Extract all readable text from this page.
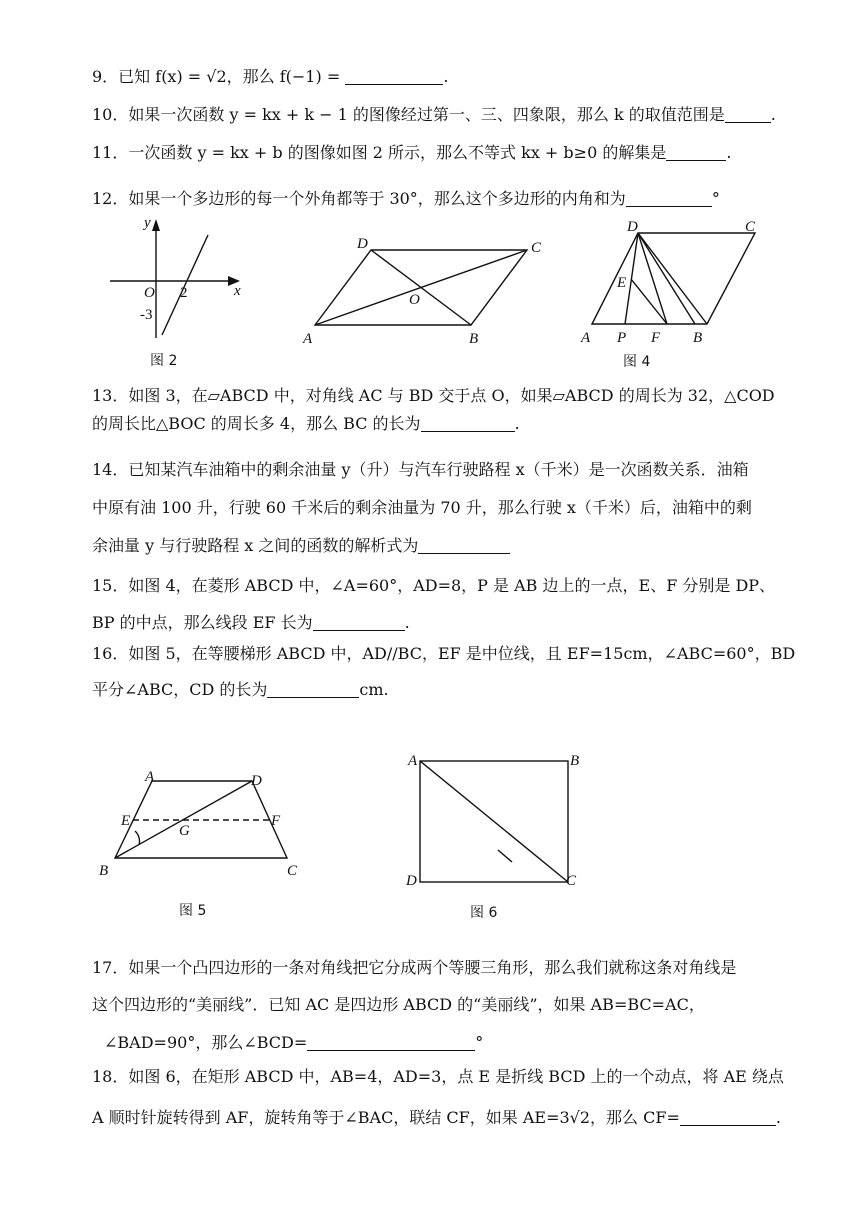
9．已知 f(x) = √2，那么 f(−1) =	.
10．如果一次函数 y = kx + k − 1 的图像经过第一、三、四象限，那么 k 的取值范围是	.
11．一次函数 y = kx + b 的图像如图 2 所示，那么不等式 kx + b≥0 的解集是	.
12．如果一个多边形的每一个外角都等于 30°，那么这个多边形的内角和为	°
y
x
O 2
-3
图 2
A	B
C
D
O
A	B
C
D
E
P F
图 4
13．如图 3，在▱ABCD 中，对角线 AC 与 BD 交于点 O，如果▱ABCD 的周长为 32，△COD
的周长比△BOC 的周长多 4，那么 BC 的长为	.
14．已知某汽车油箱中的剩余油量 y（升）与汽车行驶路程 x（千米）是一次函数关系．油箱
中原有油 100 升，行驶 60 千米后的剩余油量为 70 升，那么行驶 x（千米）后，油箱中的剩
余油量 y 与行驶路程 x 之间的函数的解析式为
15．如图 4，在菱形 ABCD 中，∠A=60°，AD=8，P 是 AB 边上的一点，E、F 分别是 DP、
BP 的中点，那么线段 EF 长为	.
16．如图 5，在等腰梯形 ABCD 中，AD//BC，EF 是中位线，且 EF=15cm，∠ABC=60°，BD
平分∠ABC，CD 的长为	cm.
A
B	C
D
E	F
G
图 5
A	B
C
D
图 6
17．如果一个凸四边形的一条对角线把它分成两个等腰三角形，那么我们就称这条对角线是
这个四边形的“美丽线”．已知 AC 是四边形 ABCD 的“美丽线”，如果 AB=BC=AC，
∠BAD=90°，那么∠BCD=	°
18．如图 6，在矩形 ABCD 中，AB=4，AD=3，点 E 是折线 BCD 上的一个动点，将 AE 绕点
A 顺时针旋转得到 AF，旋转角等于∠BAC，联结 CF，如果 AE=3√2，那么 CF=	.
